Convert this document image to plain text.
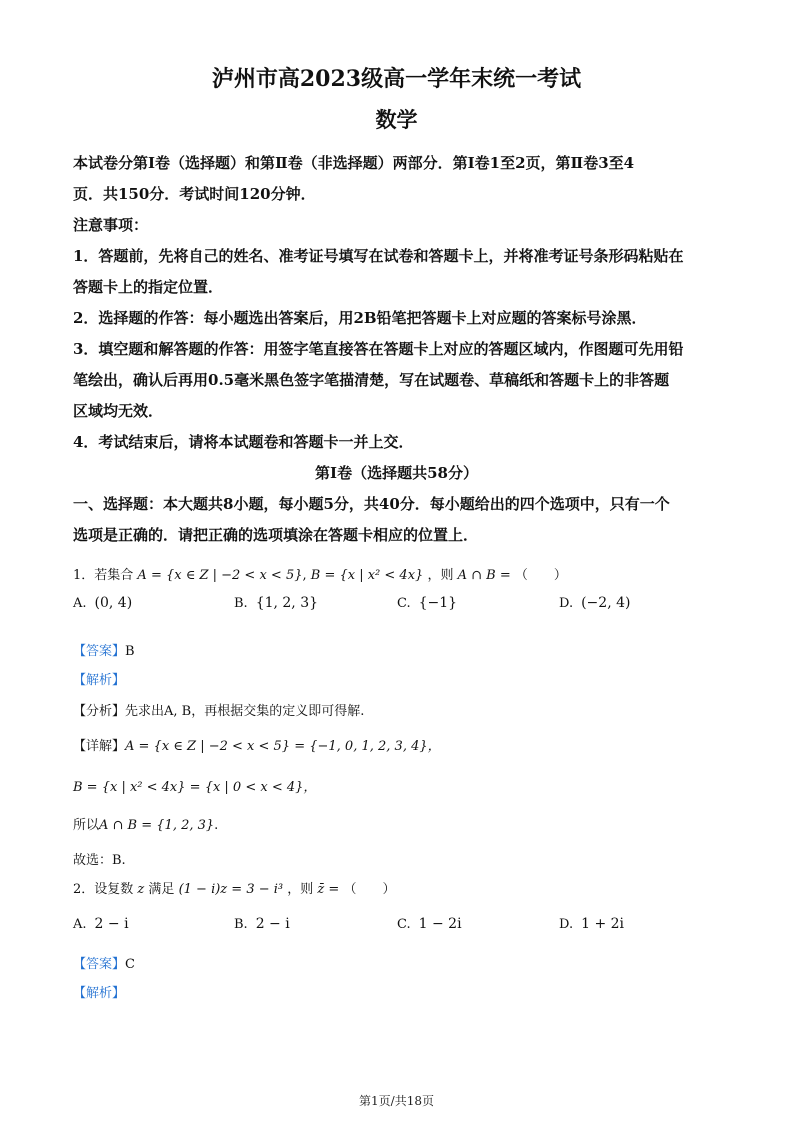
泸州市高2023级高一学年末统一考试
数学
本试卷分第Ⅰ卷（选择题）和第Ⅱ卷（非选择题）两部分．第Ⅰ卷1至2页，第Ⅱ卷3至4
页．共150分．考试时间120分钟．
注意事项：
1．答题前，先将自己的姓名、准考证号填写在试卷和答题卡上，并将准考证号条形码粘贴在
答题卡上的指定位置．
2．选择题的作答：每小题选出答案后，用2B铅笔把答题卡上对应题的答案标号涂黑．
3．填空题和解答题的作答：用签字笔直接答在答题卡上对应的答题区域内，作图题可先用铅
笔绘出，确认后再用0.5毫米黑色签字笔描清楚，写在试题卷、草稿纸和答题卡上的非答题
区域均无效．
4．考试结束后，请将本试题卷和答题卡一并上交．
第Ⅰ卷（选择题共58分）
一、选择题：本大题共8小题，每小题5分，共40分．每小题给出的四个选项中，只有一个
选项是正确的．请把正确的选项填涂在答题卡相应的位置上．
1．若集合 A = {x ∈ Z | −2 < x < 5}, B = {x | x² < 4x} ，则 A ∩ B = （　　）
A. (0, 4)	B. {1, 2, 3}	C. {−1}	D. (−2, 4)
【答案】B
【解析】
【分析】先求出A, B，再根据交集的定义即可得解.
【详解】A = {x ∈ Z | −2 < x < 5} = {−1, 0, 1, 2, 3, 4}，
B = {x | x² < 4x} = {x | 0 < x < 4}，
所以A ∩ B = {1, 2, 3}.
故选：B.
2．设复数 z 满足 (1 − i)z = 3 − i³ ，则 z̄ = （　　）
A. 2 − i	B. 2 − i	C. 1 − 2i	D. 1 + 2i
【答案】C
【解析】
第1页/共18页
